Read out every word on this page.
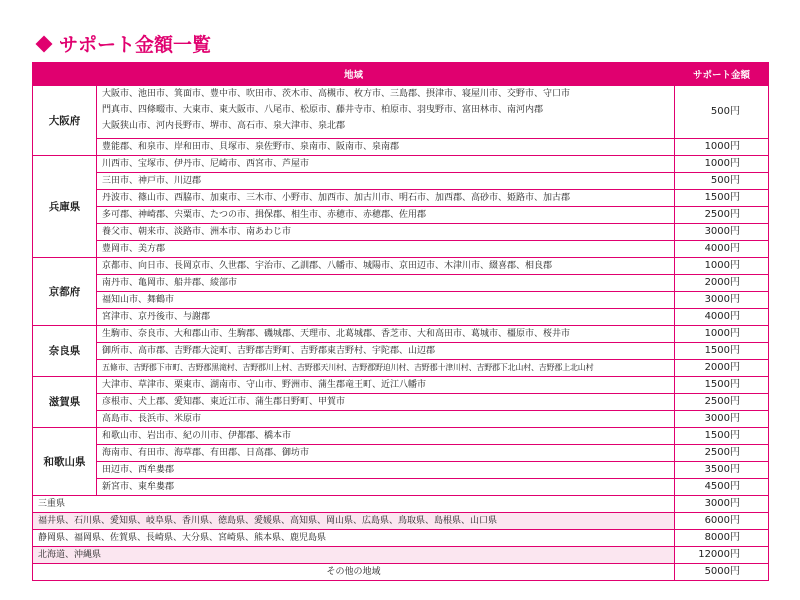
サポート金額一覧
地域		サポート金額
大阪府	大阪市、池田市、箕面市、豊中市、吹田市、茨木市、高槻市、枚方市、三島郡、摂津市、寝屋川市、交野市、守口市	500円
	門真市、四條畷市、大東市、東大阪市、八尾市、松原市、藤井寺市、柏原市、羽曳野市、富田林市、南河内郡	
	大阪狭山市、河内長野市、堺市、高石市、泉大津市、泉北郡	

	豊能郡、和泉市、岸和田市、貝塚市、泉佐野市、泉南市、阪南市、泉南郡	1000円
兵庫県	川西市、宝塚市、伊丹市、尼崎市、西宮市、芦屋市	1000円
	三田市、神戸市、川辺郡	500円
	丹波市、篠山市、西脇市、加東市、三木市、小野市、加西市、加古川市、明石市、加西郡、高砂市、姫路市、加古郡	1500円
	多可郡、神崎郡、宍粟市、たつの市、揖保郡、相生市、赤穂市、赤穂郡、佐用郡	2500円
	養父市、朝来市、淡路市、洲本市、南あわじ市	3000円
	豊岡市、美方郡	4000円
京都府	京都市、向日市、長岡京市、久世郡、宇治市、乙訓郡、八幡市、城陽市、京田辺市、木津川市、綴喜郡、相良郡	1000円
	南丹市、亀岡市、船井郡、綾部市	2000円
	福知山市、舞鶴市	3000円
	宮津市、京丹後市、与謝郡	4000円
奈良県	生駒市、奈良市、大和郡山市、生駒郡、磯城郡、天理市、北葛城郡、香芝市、大和高田市、葛城市、橿原市、桜井市	1000円
	御所市、高市郡、吉野郡大淀町、吉野郡吉野町、吉野郡東吉野村、宇陀郡、山辺郡	1500円
	五條市、吉野郡下市町、吉野郡黒滝村、吉野郡川上村、吉野郡天川村、吉野郡野迫川村、吉野郡十津川村、吉野郡下北山村、吉野郡上北山村	2000円
滋賀県	大津市、草津市、栗東市、湖南市、守山市、野洲市、蒲生郡竜王町、近江八幡市	1500円
	彦根市、犬上郡、愛知郡、東近江市、蒲生郡日野町、甲賀市	2500円
	高島市、長浜市、米原市	3000円
和歌山県	和歌山市、岩出市、紀の川市、伊都郡、橋本市	1500円
	海南市、有田市、海草郡、有田郡、日高郡、御坊市	2500円
	田辺市、西牟婁郡	3500円
	新宮市、東牟婁郡	4500円
三重県		3000円
福井県、石川県、愛知県、岐阜県、香川県、徳島県、愛媛県、高知県、岡山県、広島県、鳥取県、島根県、山口県		6000円
静岡県、福岡県、佐賀県、長崎県、大分県、宮崎県、熊本県、鹿児島県		8000円
北海道、沖縄県		12000円
その他の地域		5000円
